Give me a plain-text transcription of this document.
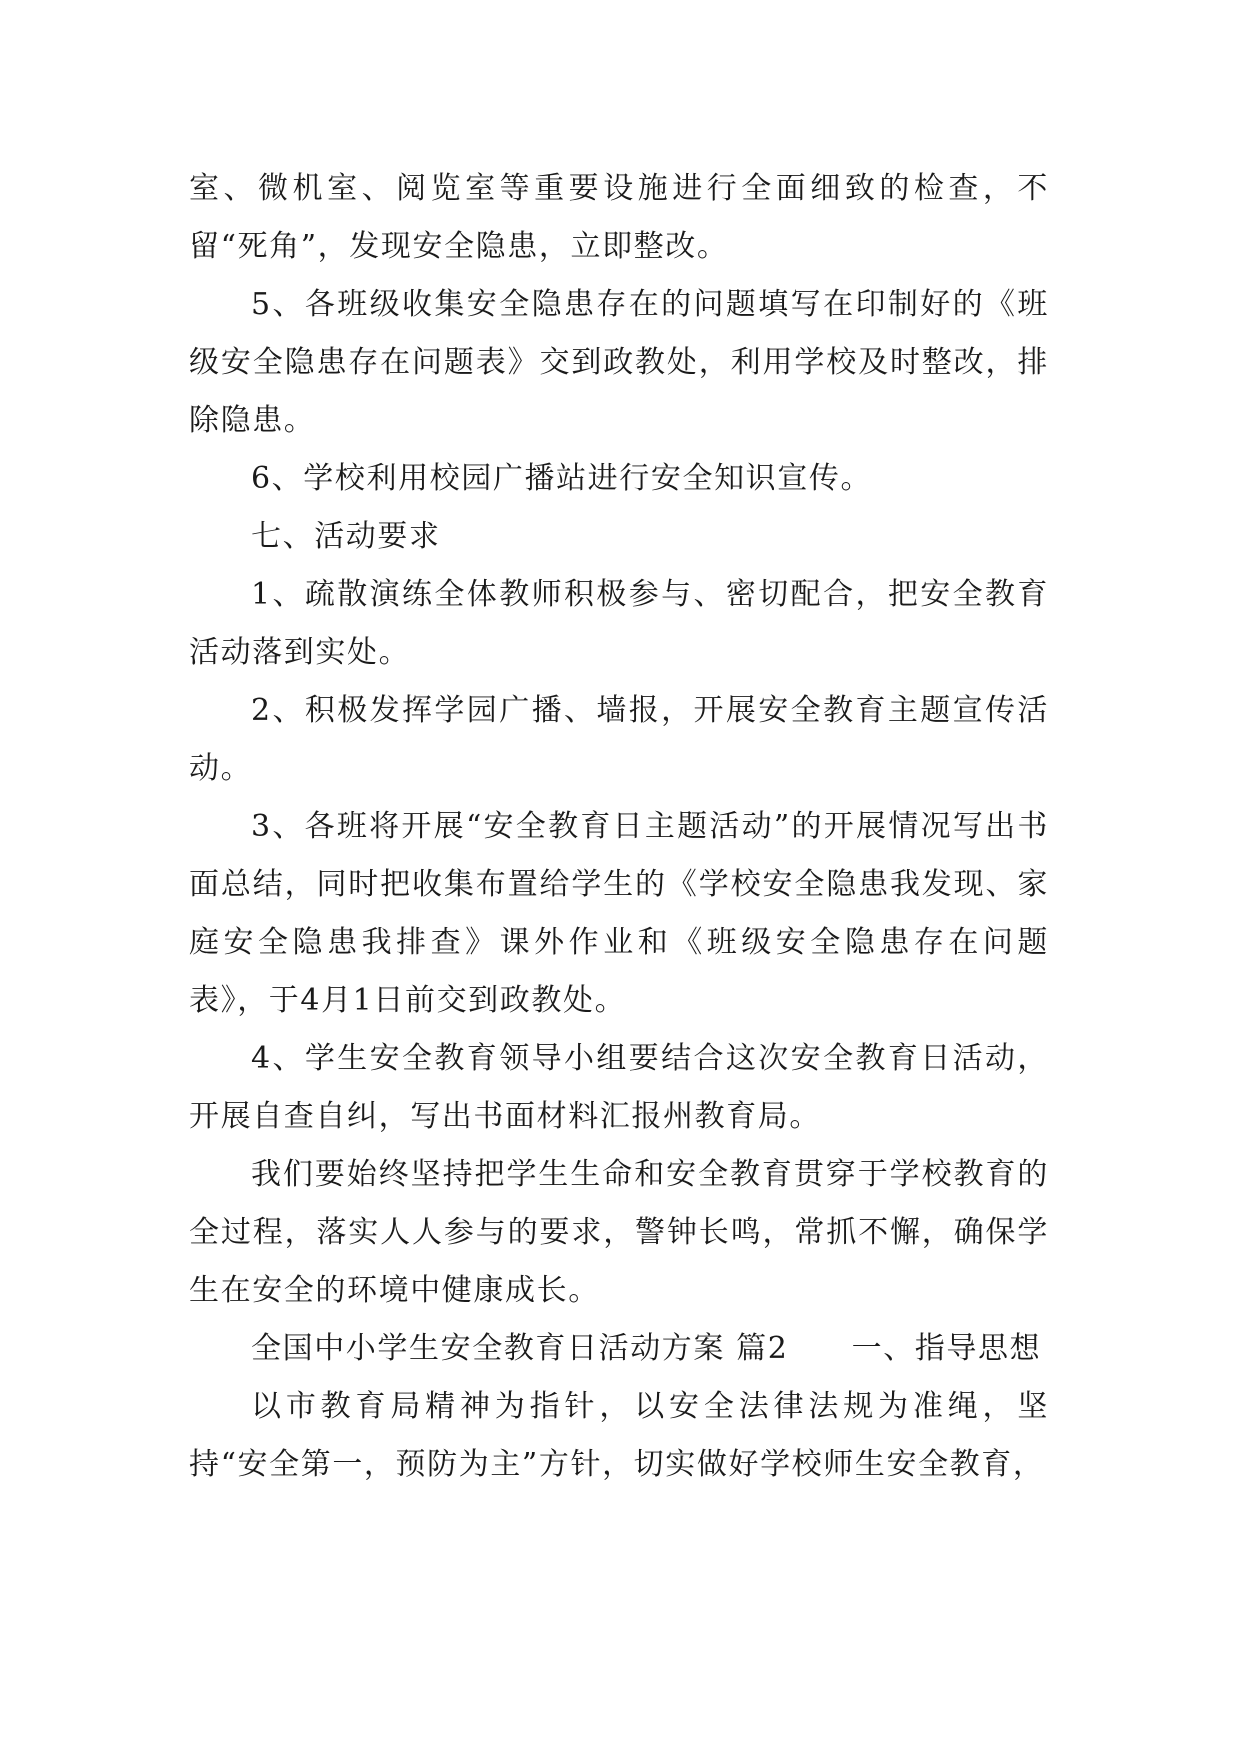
室、微机室、阅览室等重要设施进行全面细致的检查，不留“死角”，发现安全隐患，立即整改。

5、各班级收集安全隐患存在的问题填写在印制好的《班级安全隐患存在问题表》交到政教处，利用学校及时整改，排除隐患。

6、学校利用校园广播站进行安全知识宣传。

七、活动要求

1、疏散演练全体教师积极参与、密切配合，把安全教育活动落到实处。

2、积极发挥学园广播、墙报，开展安全教育主题宣传活动。

3、各班将开展“安全教育日主题活动”的开展情况写出书面总结，同时把收集布置给学生的《学校安全隐患我发现、家庭安全隐患我排查》课外作业和《班级安全隐患存在问题表》，于4月1日前交到政教处。

4、学生安全教育领导小组要结合这次安全教育日活动，开展自查自纠，写出书面材料汇报州教育局。

我们要始终坚持把学生生命和安全教育贯穿于学校教育的全过程，落实人人参与的要求，警钟长鸣，常抓不懈，确保学生在安全的环境中健康成长。

全国中小学生安全教育日活动方案 篇2　　一、指导思想

以市教育局精神为指针，以安全法律法规为准绳，坚持“安全第一，预防为主”方针，切实做好学校师生安全教育，
